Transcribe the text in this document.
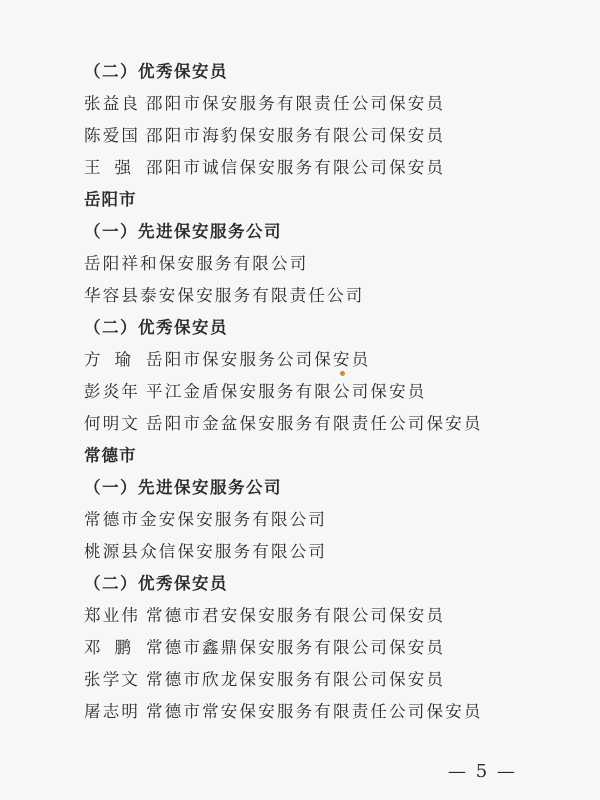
（二）优秀保安员
张益良 邵阳市保安服务有限责任公司保安员
陈爱国 邵阳市海豹保安服务有限公司保安员
王强邵阳市诚信保安服务有限公司保安员
岳阳市
（一）先进保安服务公司
岳阳祥和保安服务有限公司
华容县泰安保安服务有限责任公司
（二）优秀保安员
方瑜岳阳市保安服务公司保安员
彭炎年 平江金盾保安服务有限公司保安员
何明文 岳阳市金盆保安服务有限责任公司保安员
常德市
（一）先进保安服务公司
常德市金安保安服务有限公司
桃源县众信保安服务有限公司
（二）优秀保安员
郑业伟 常德市君安保安服务有限公司保安员
邓鹏常德市鑫鼎保安服务有限公司保安员
张学文 常德市欣龙保安服务有限公司保安员
屠志明 常德市常安保安服务有限责任公司保安员
— 5 —
